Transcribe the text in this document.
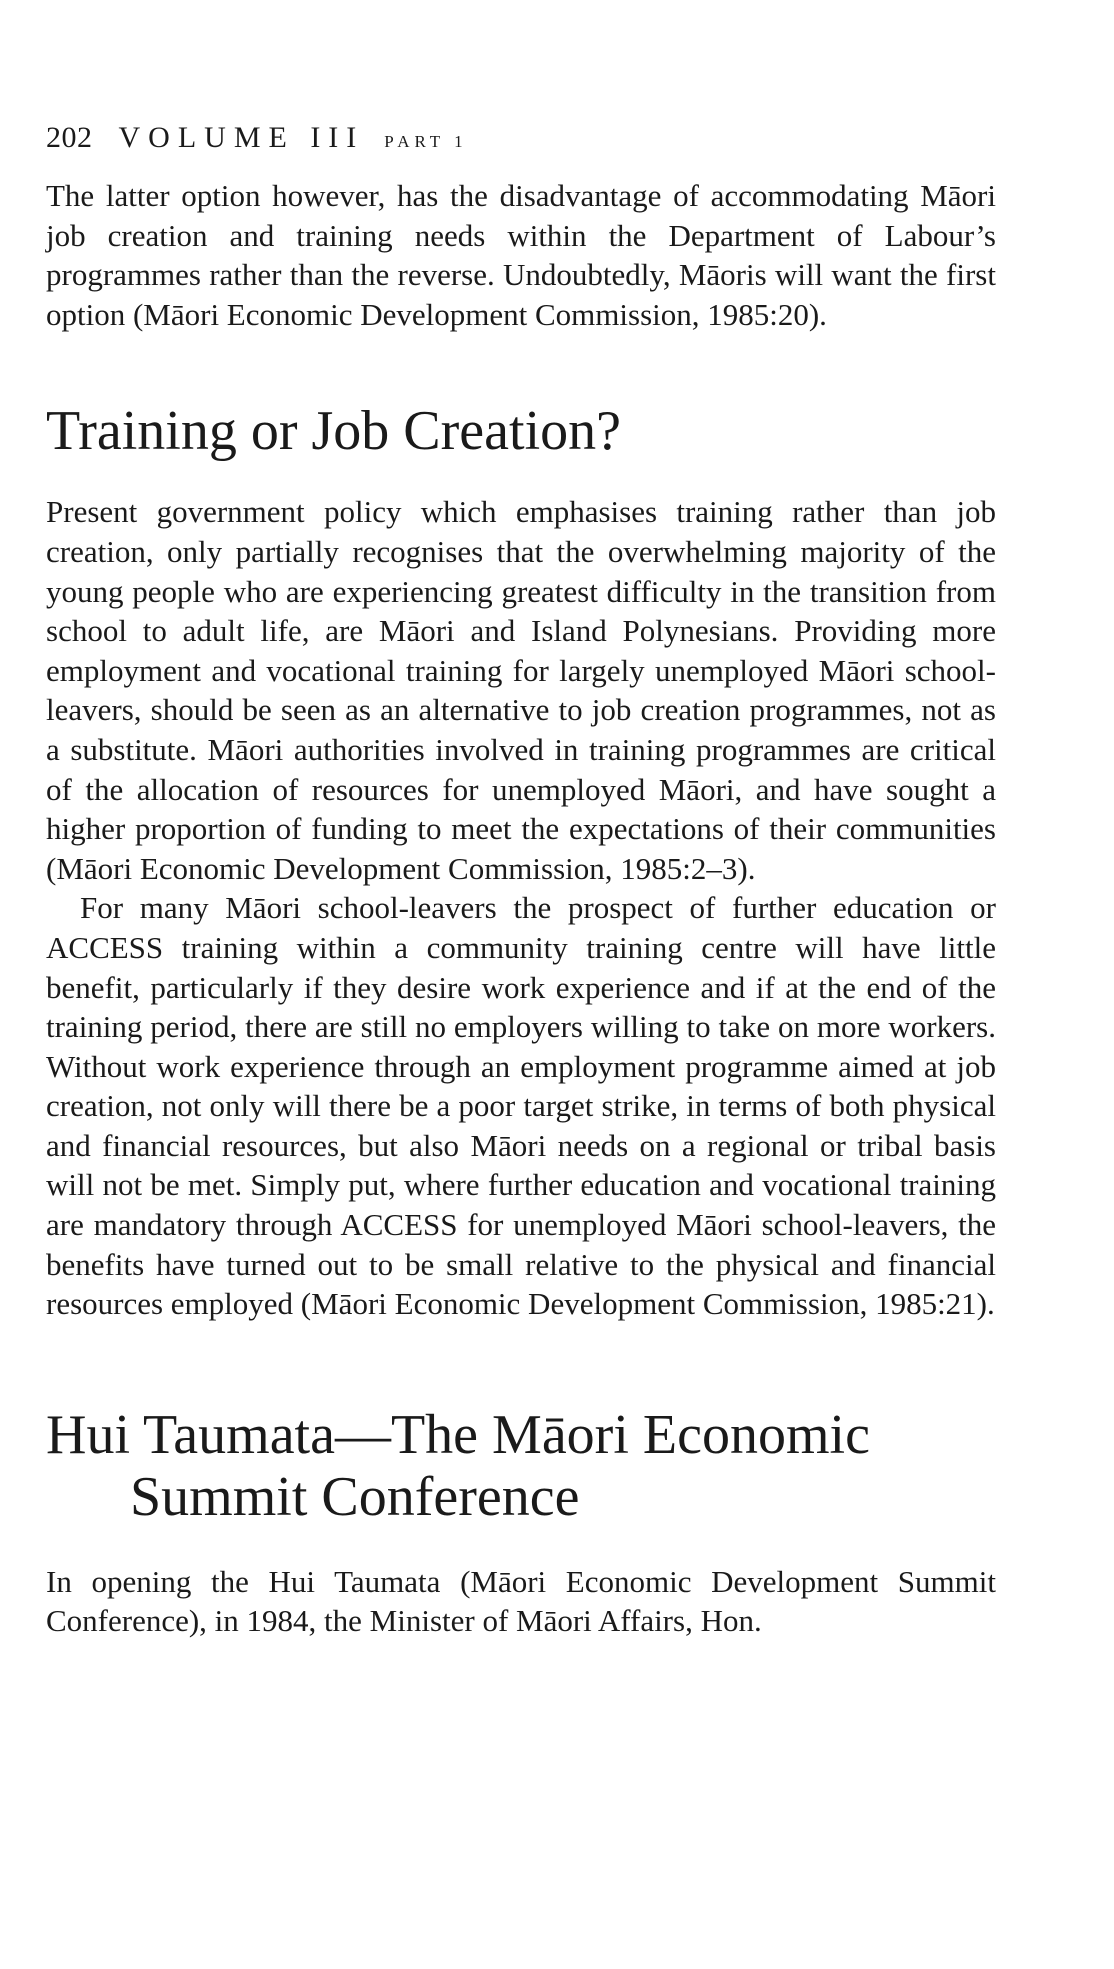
202 VOLUME III PART 1

The latter option however, has the disadvantage of accommodating Māori job creation and training needs within the Department of Labour’s programmes rather than the reverse. Undoubtedly, Māoris will want the first option (Māori Economic Development Commission, 1985:20).

Training or Job Creation?

Present government policy which emphasises training rather than job creation, only partially recognises that the overwhelming majority of the young people who are experiencing greatest difficulty in the transition from school to adult life, are Māori and Island Polynesians. Providing more employment and vocational training for largely unemployed Māori school-leavers, should be seen as an alternative to job creation programmes, not as a substitute. Māori authorities involved in training programmes are critical of the allocation of resources for unemployed Māori, and have sought a higher proportion of funding to meet the expectations of their communities (Māori Economic Development Commission, 1985:2–3).

For many Māori school-leavers the prospect of further education or ACCESS training within a community training centre will have little benefit, particularly if they desire work experience and if at the end of the training period, there are still no employers willing to take on more workers. Without work experience through an employment programme aimed at job creation, not only will there be a poor target strike, in terms of both physical and financial resources, but also Māori needs on a regional or tribal basis will not be met. Simply put, where further education and vocational training are mandatory through ACCESS for unemployed Māori school-leavers, the benefits have turned out to be small relative to the physical and financial resources employed (Māori Economic Development Commission, 1985:21).

Hui Taumata—The Māori Economic Summit Conference

In opening the Hui Taumata (Māori Economic Development Summit Conference), in 1984, the Minister of Māori Affairs, Hon.
